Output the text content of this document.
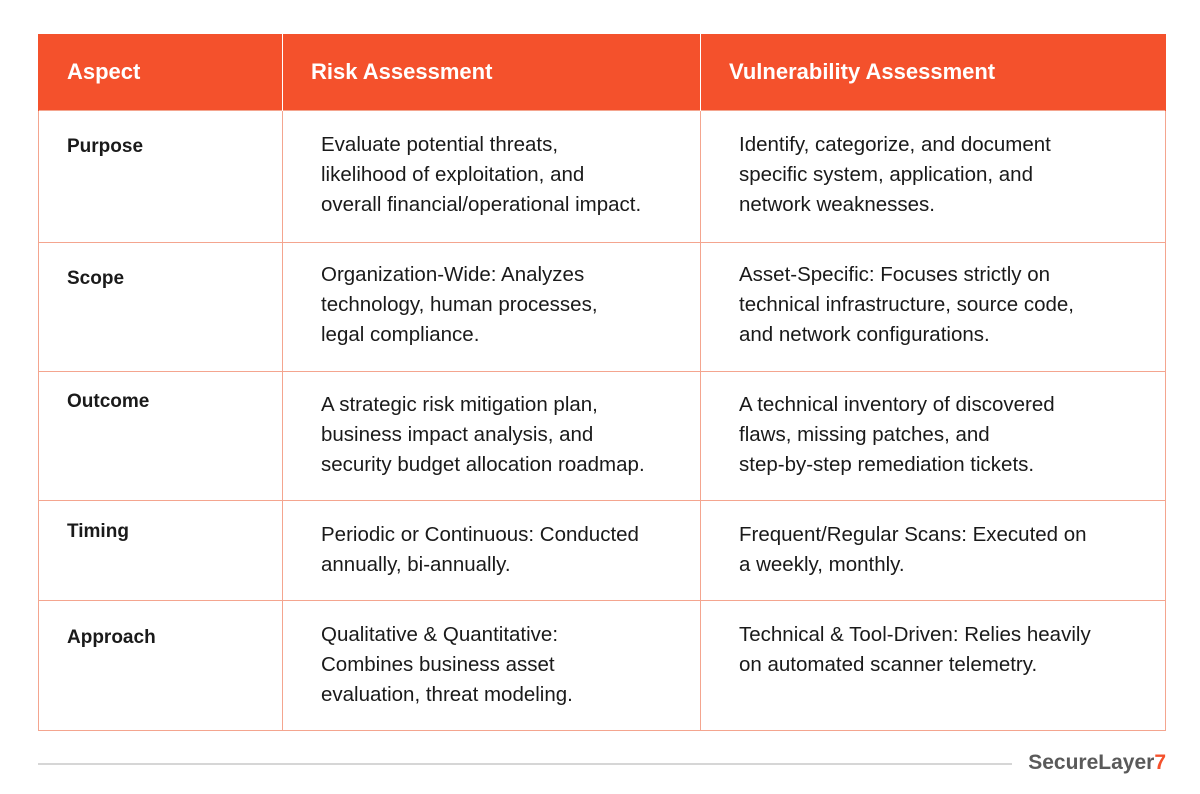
Aspect	Risk Assessment	Vulnerability Assessment
Purpose	Evaluate potential threats,
likelihood of exploitation, and
overall financial/operational impact.	Identify, categorize, and document
specific system, application, and
network weaknesses.

Scope	Organization-Wide: Analyzes
technology, human processes,
legal compliance.	Asset-Specific: Focuses strictly on
technical infrastructure, source code,
and network configurations.

Outcome	A strategic risk mitigation plan,
business impact analysis, and
security budget allocation roadmap.	A technical inventory of discovered
flaws, missing patches, and
step-by-step remediation tickets.

Timing	Periodic or Continuous: Conducted
annually, bi-annually.	Frequent/Regular Scans: Executed on
a weekly, monthly.

Approach	Qualitative & Quantitative:
Combines business asset
evaluation, threat modeling.	Technical & Tool-Driven: Relies heavily
on automated scanner telemetry.
SecureLayer7
